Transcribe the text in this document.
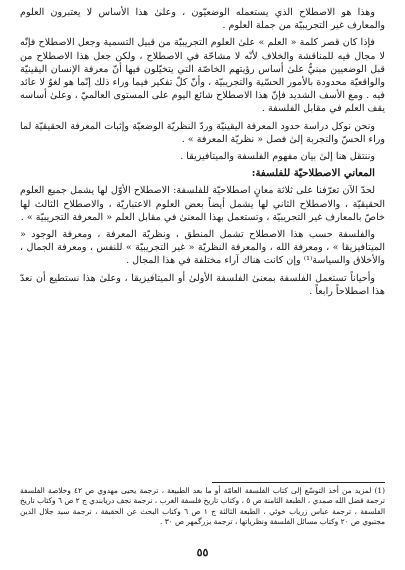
وهذا هو الاصطلاح الذي يستعمله الوضعيّون ، وعلىٰ هذا الأساس لا يعتبرون العلوم والمعارف غير التجريبيّة من جملة العلوم .

فإذا كان قصر كلمة « العلم » علىٰ العلوم التجريبيّة من قبيل التسمية وجعل الاصطلاح فإنّه لا مجال فيه للمناقشة والخلاف لأنّه لا مشاحّة في الاصطلاح ، ولكن جعل هذا الاصطلاح من قبل الوضعيين مبنيٌّ علىٰ أساس رؤيتهم الخاصّة التي يتخيّلون فيها أنّ معرفة الإنسان اليقينيّة والواقعيّة محدودة بالأمور الحسّية والتجريبيّة ، وأنّ كلّ تفكير فيما وراء ذلك إنّما هو لغوٌ لا عائد فيه . ومع الأسف الشديد فإنّ هذا الاصطلاح شائع اليوم على المستوى العالميّ ، وعلىٰ أساسه يقف العلم في مقابل الفلسفة .

ونحن نوكل دراسة حدود المعرفة اليقينيّة وردّ النظريّة الوضعيّة وإثبات المعرفة الحقيقيّة لما وراء الحسّ والتجربة إلىٰ فصل « نظريّة المعرفة » .

وننتقل هنا إلىٰ بيان مفهوم الفلسفة والميتافيزيقا .

المعاني الاصطلاحيّة للفلسفة:

لحدّ الآن تعرّفنا على ثلاثة معانٍ اصطلاحيّة للفلسفة: الاصطلاح الأوّل لها يشمل جميع العلوم الحقيقيّة ، والاصطلاح الثاني لها يشمل أيضاً بعض العلوم الاعتباريّة ، والاصطلاح الثالث لها خاصّ بالمعارف غير التجريبيّة ، وتستعمل بهذا المعنىٰ في مقابل العلم « المعرفة التجريبيّة » .

والفلسفة حسب هذا الاصطلاح تشمل المنطق ، ونظريّة المعرفة ، ومعرفة الوجود « الميتافيزيقا » ، ومعرفة الله ، والمعرفة النظريّة « غير التجريبيّة » للنفس ، ومعرفة الجمال ، والأخلاق والسياسة⁽¹⁾ وإن كانت هناك آراء مختلفة في هذا المجال .

وأحياناً تستعمل الفلسفة بمعنىٰ الفلسفة الأولىٰ أو الميتافيزيقا ، وعلىٰ هذا نستطيع أن نعدّ هذا اصطلاحاً رابعاً .

(1) لمزيد من أخذ التوسّع إلى كتاب الفلسفة العامّة أو ما بعد الطبيعة ، ترجمة يحيى مهدوي ص ٤٢ وخلاصة الفلسفة ترجمة فضل الله صمدي ، الطبعة الثامنة ص ٥ ، وكتاب تاريخ فلسفة الغرب ، ترجمة نجف دريابندي ج ٢ ص ٦ وكتاب تاريخ الفلسفة ، ترجمة عباس زرياب خوئي ، الطبعة الثالثة ج ١ ص ٦ وكتاب البحث عن الحقيقة ، ترجمة سيد جلال الدين مجتبوي ص ٢٠ وكتاب مسائل الفلسفة ونظرياتها ، ترجمة بزرگمهر ص ٣٠ .
٥٥
